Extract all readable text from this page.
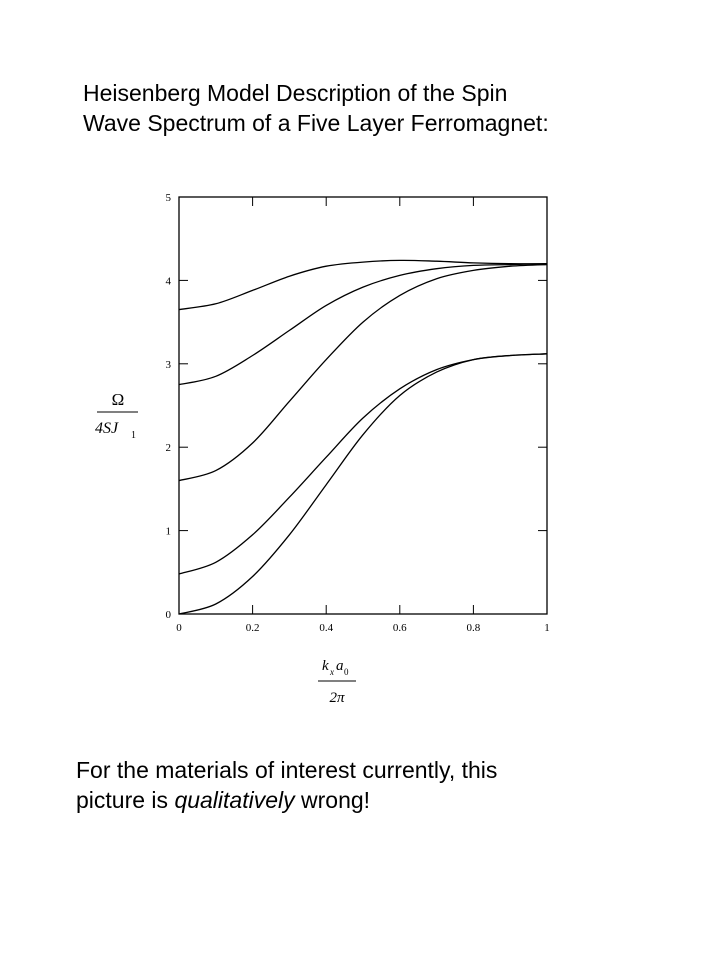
Heisenberg Model Description of the Spin
Wave Spectrum of a Five Layer Ferromagnet:
0	0.2	0.4	0.6	0.8	1
0
1
2
3
4
5
Ω
4SJ 1
k x a 0
2π
For the materials of interest currently, this
picture is qualitatively wrong!
